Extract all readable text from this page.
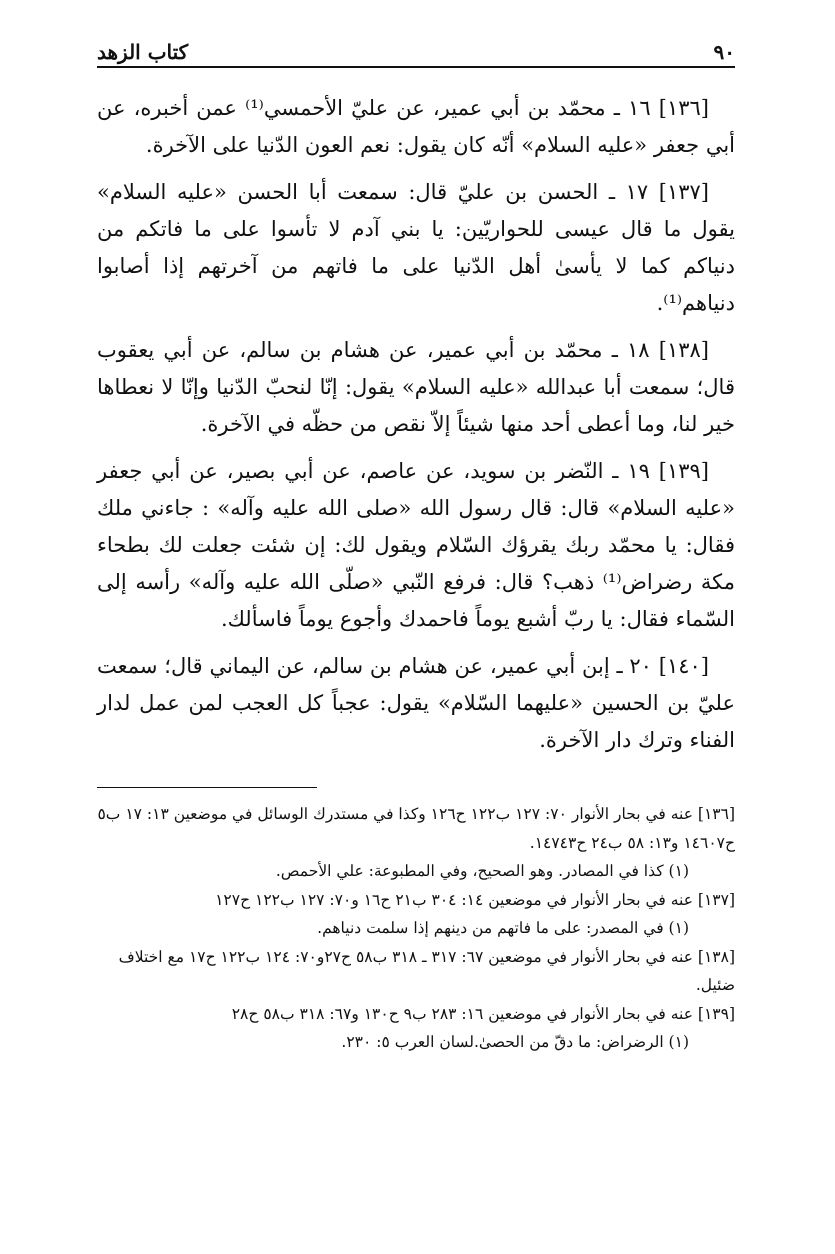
٩٠
كتاب الزهد

[١٣٦] ١٦ ـ محمّد بن أبي عمير، عن عليّ الأحمسي⁽¹⁾ عمن أخبره، عن أبي جعفر «عليه السلام» أنّه كان يقول: نعم العون الدّنيا على الآخرة.

[١٣٧] ١٧ ـ الحسن بن عليّ قال: سمعت أبا الحسن «عليه السلام» يقول ما قال عيسى للحواريّين: يا بني آدم لا تأسوا على ما فاتكم من دنياكم كما لا يأسىٰ أهل الدّنيا على ما فاتهم من آخرتهم إذا أصابوا دنياهم⁽¹⁾.

[١٣٨] ١٨ ـ محمّد بن أبي عمير، عن هشام بن سالم، عن أبي يعقوب قال؛ سمعت أبا عبدالله «عليه السلام» يقول: إنّا لنحبّ الدّنيا وإنّا لا نعطاها خير لنا، وما أعطى أحد منها شيئاً إلاّ نقص من حظّه في الآخرة.

[١٣٩] ١٩ ـ النّضر بن سويد، عن عاصم، عن أبي بصير، عن أبي جعفر «عليه السلام» قال: قال رسول الله «صلى الله عليه وآله» : جاءني ملك فقال: يا محمّد ربك يقرؤك السّلام ويقول لك: إن شئت جعلت لك بطحاء مكة رضراض⁽¹⁾ ذهب؟ قال: فرفع النّبي «صلّى الله عليه وآله» رأسه إلى السّماء فقال: يا ربّ أشبع يوماً فاحمدك وأجوع يوماً فاسألك.

[١٤٠] ٢٠ ـ إبن أبي عمير، عن هشام بن سالم، عن اليماني قال؛ سمعت عليّ بن الحسين «عليهما السّلام» يقول: عجباً كل العجب لمن عمل لدار الفناء وترك دار الآخرة.

[١٣٦] عنه في بحار الأنوار ٧٠: ١٢٧ ب١٢٢ ح١٢٦ وكذا في مستدرك الوسائل في موضعين ١٣: ١٧ ب٥ ح١٤٦٠٧ و١٣: ٥٨ ب٢٤ ح١٤٧٤٣.
(١) كذا في المصادر. وهو الصحيح، وفي المطبوعة: علي الأحمص.
[١٣٧] عنه في بحار الأنوار في موضعين ١٤: ٣٠٤ ب٢١ ح١٦ و٧٠: ١٢٧ ب١٢٢ ح١٢٧
(١) في المصدر: على ما فاتهم من دينهم إذا سلمت دنياهم.
[١٣٨] عنه في بحار الأنوار في موضعين ٦٧: ٣١٧ ـ ٣١٨ ب٥٨ ح٢٧و٧٠: ١٢٤ ب١٢٢ ح١٧ مع اختلاف ضئيل.
[١٣٩] عنه في بحار الأنوار في موضعين ١٦: ٢٨٣ ب٩ ح١٣٠ و٦٧: ٣١٨ ب٥٨ ح٢٨
(١) الرضراض: ما دقّ من الحصىٰ.لسان العرب ٥: ٢٣٠.
